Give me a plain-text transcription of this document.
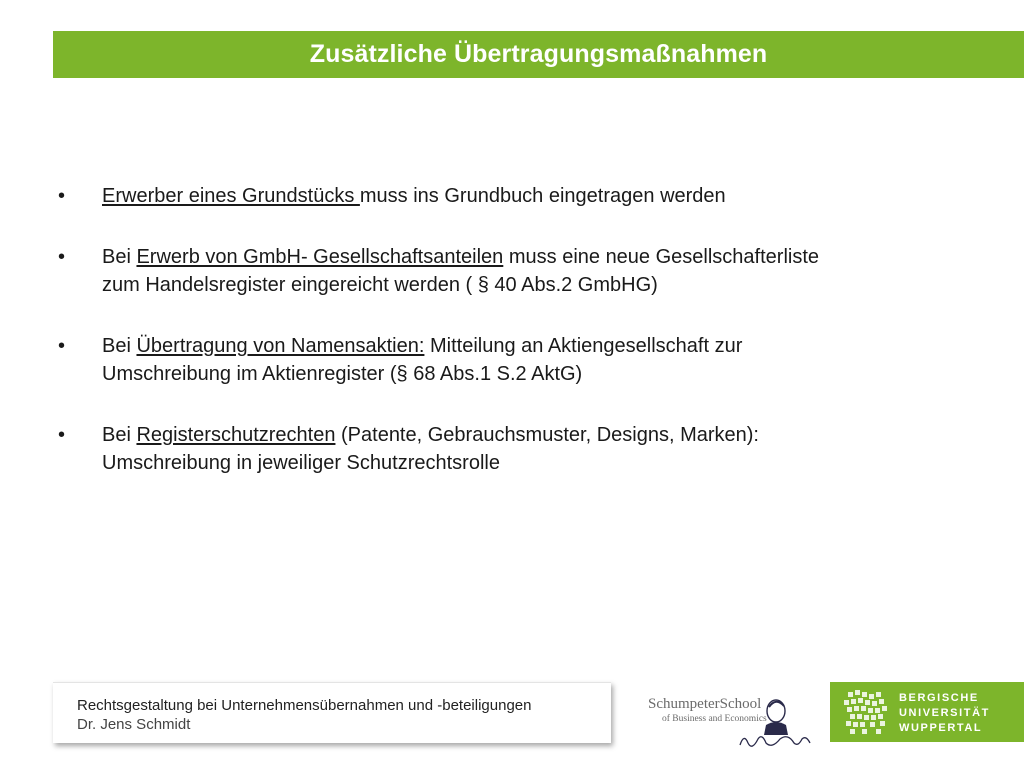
Zusätzliche Übertragungsmaßnahmen
•	Erwerber eines Grundstücks muss ins Grundbuch eingetragen werden
•	Bei Erwerb von GmbH- Gesellschaftsanteilen muss eine neue Gesellschafterliste
zum Handelsregister eingereicht werden ( § 40 Abs.2 GmbHG)
•	Bei Übertragung von Namensaktien: Mitteilung an Aktiengesellschaft zur
Umschreibung im Aktienregister (§ 68 Abs.1 S.2 AktG)
•	Bei Registerschutzrechten (Patente, Gebrauchsmuster, Designs, Marken):
Umschreibung in jeweiliger Schutzrechtsrolle
Rechtsgestaltung bei Unternehmensübernahmen und -beteiligungen
Dr. Jens Schmidt
SchumpeterSchool
of Business and Economics
BERGISCHE
UNIVERSITÄT
WUPPERTAL
